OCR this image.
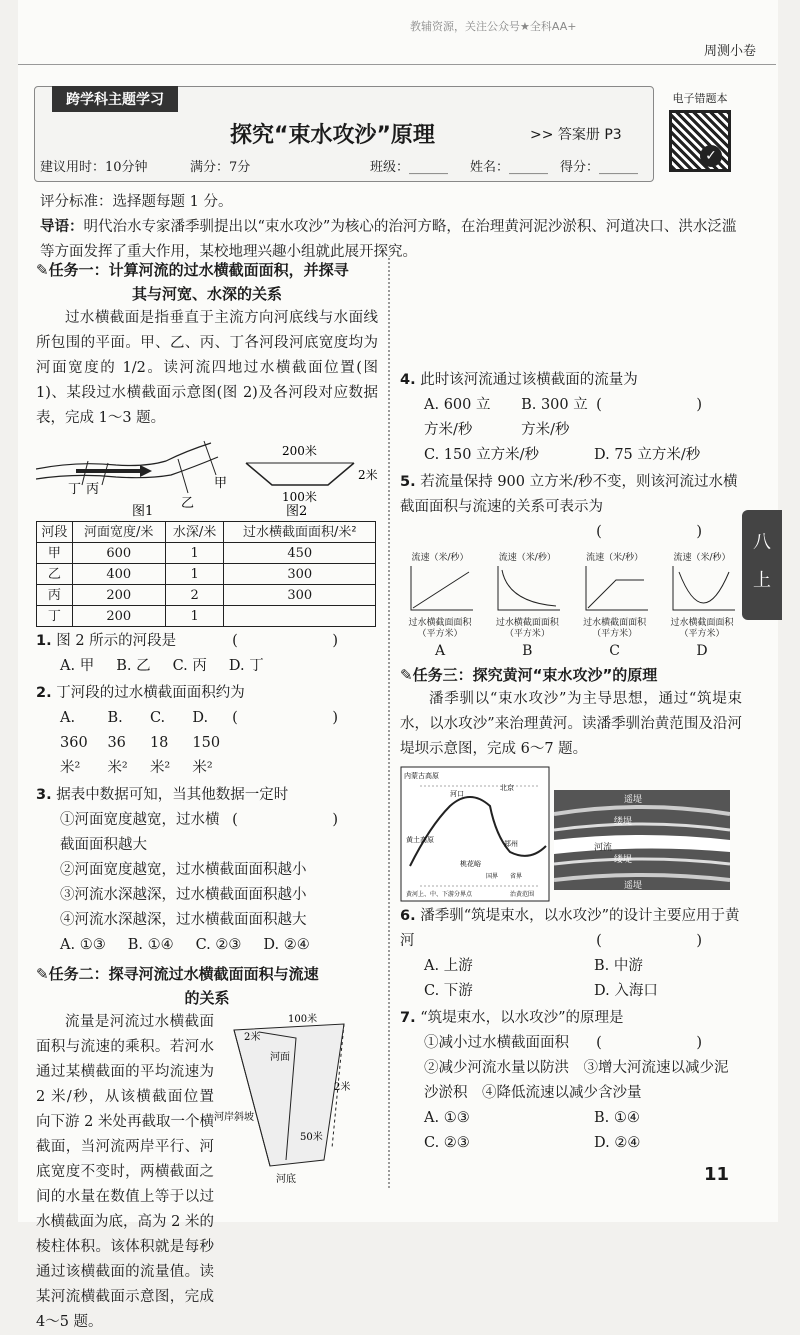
教辅资源，关注公众号★全科AA+
周测小卷
跨学科主题学习
探究“束水攻沙”原理	>> 答案册 P3
建议用时：10分钟	满分：7分	班级：______ 姓名：______ 得分：______
电子错题本
✓
评分标准：选择题每题 1 分。
导语：明代治水专家潘季驯提出以“束水攻沙”为核心的治河方略，在治理黄河泥沙淤积、河道决口、洪水泛滥等方面发挥了重大作用，某校地理兴趣小组就此展开探究。
✎任务一：计算河流的过水横截面面积，并探寻
其与河宽、水深的关系
过水横截面是指垂直于主流方向河底线与水面线所包围的平面。甲、乙、丙、丁各河段河底宽度均为河面宽度的 1/2。读河流四地过水横截面位置(图 1)、某段过水横截面示意图(图 2)及各河段对应数据表，完成 1～3 题。
丁 丙
乙
甲
图1
200米
2米
100米
图2
河段	河面宽度/米	水深/米	过水横截面面积/米²
甲	600	1	450
乙	400	1	300
丙	200	2	300
丁	200	1	
1. 图 2 所示的河段是	(　)
A. 甲 B. 乙 C. 丙 D. 丁
2. 丁河段的过水横截面面积约为
(　)
A. 360 米²
B. 36 米²
C. 18 米²
D. 150 米²
3. 据表中数据可知，当其他数据一定时
(　)
①河面宽度越宽，过水横截面面积越大
②河面宽度越宽，过水横截面面积越小
③河流水深越深，过水横截面面积越小
④河流水深越深，过水横截面面积越大
A. ①③ B. ①④ C. ②③ D. ②④
✎任务二：探寻河流过水横截面面积与流速
的关系
流量是河流过水横截面面积与流速的乘积。若河水通过某横截面的平均流速为 2 米/秒，从该横截面位置向下游 2 米处再截取一个横截面，当河流两岸平行、河底宽度不变时，两横截面之间的水量在数值上等于以过水横截面为底，高为 2 米的棱柱体积。该体积就是每秒通过该横截面的流量值。读某河流横截面示意图，完成 4～5 题。
100米
2米
50米
河面
河岸斜坡
河底
2米
4. 此时该河流通过该横截面的流量为
(　)
A. 600 立方米/秒
B. 300 立方米/秒
C. 150 立方米/秒	D. 75 立方米/秒
5. 若流量保持 900 立方米/秒不变，则该河流过水横截面面积与流速的关系可表示为
(　)
流速（米/秒）
过水横截面面积（平方米）
A
流速（米/秒）
过水横截面面积（平方米）
B
流速（米/秒）
过水横截面面积（平方米）
C
流速（米/秒）
过水横截面面积（平方米）
D
✎任务三：探究黄河“束水攻沙”的原理
潘季驯以“束水攻沙”为主导思想，通过“筑堤束水，以水攻沙”来治理黄河。读潘季驯治黄范围及沿河堤坝示意图，完成 6～7 题。
内蒙古高原
河口
北京
黄土高原	郑州
桃花峪
黄河上、中、下游分界点
国界 省界
治黄范围
遥堤
缕堤
河流
缕堤
遥堤
6. 潘季驯“筑堤束水，以水攻沙”的设计主要应用于黄河	(　)
A. 上游	B. 中游
C. 下游	D. 入海口
7. “筑堤束水，以水攻沙”的原理是
(　)
①减小过水横截面面积　②减少河流水量以防洪　③增大河流速以减少泥沙淤积　④降低流速以减少含沙量
A. ①③	B. ①④
C. ②③	D. ②④
八
上
11
